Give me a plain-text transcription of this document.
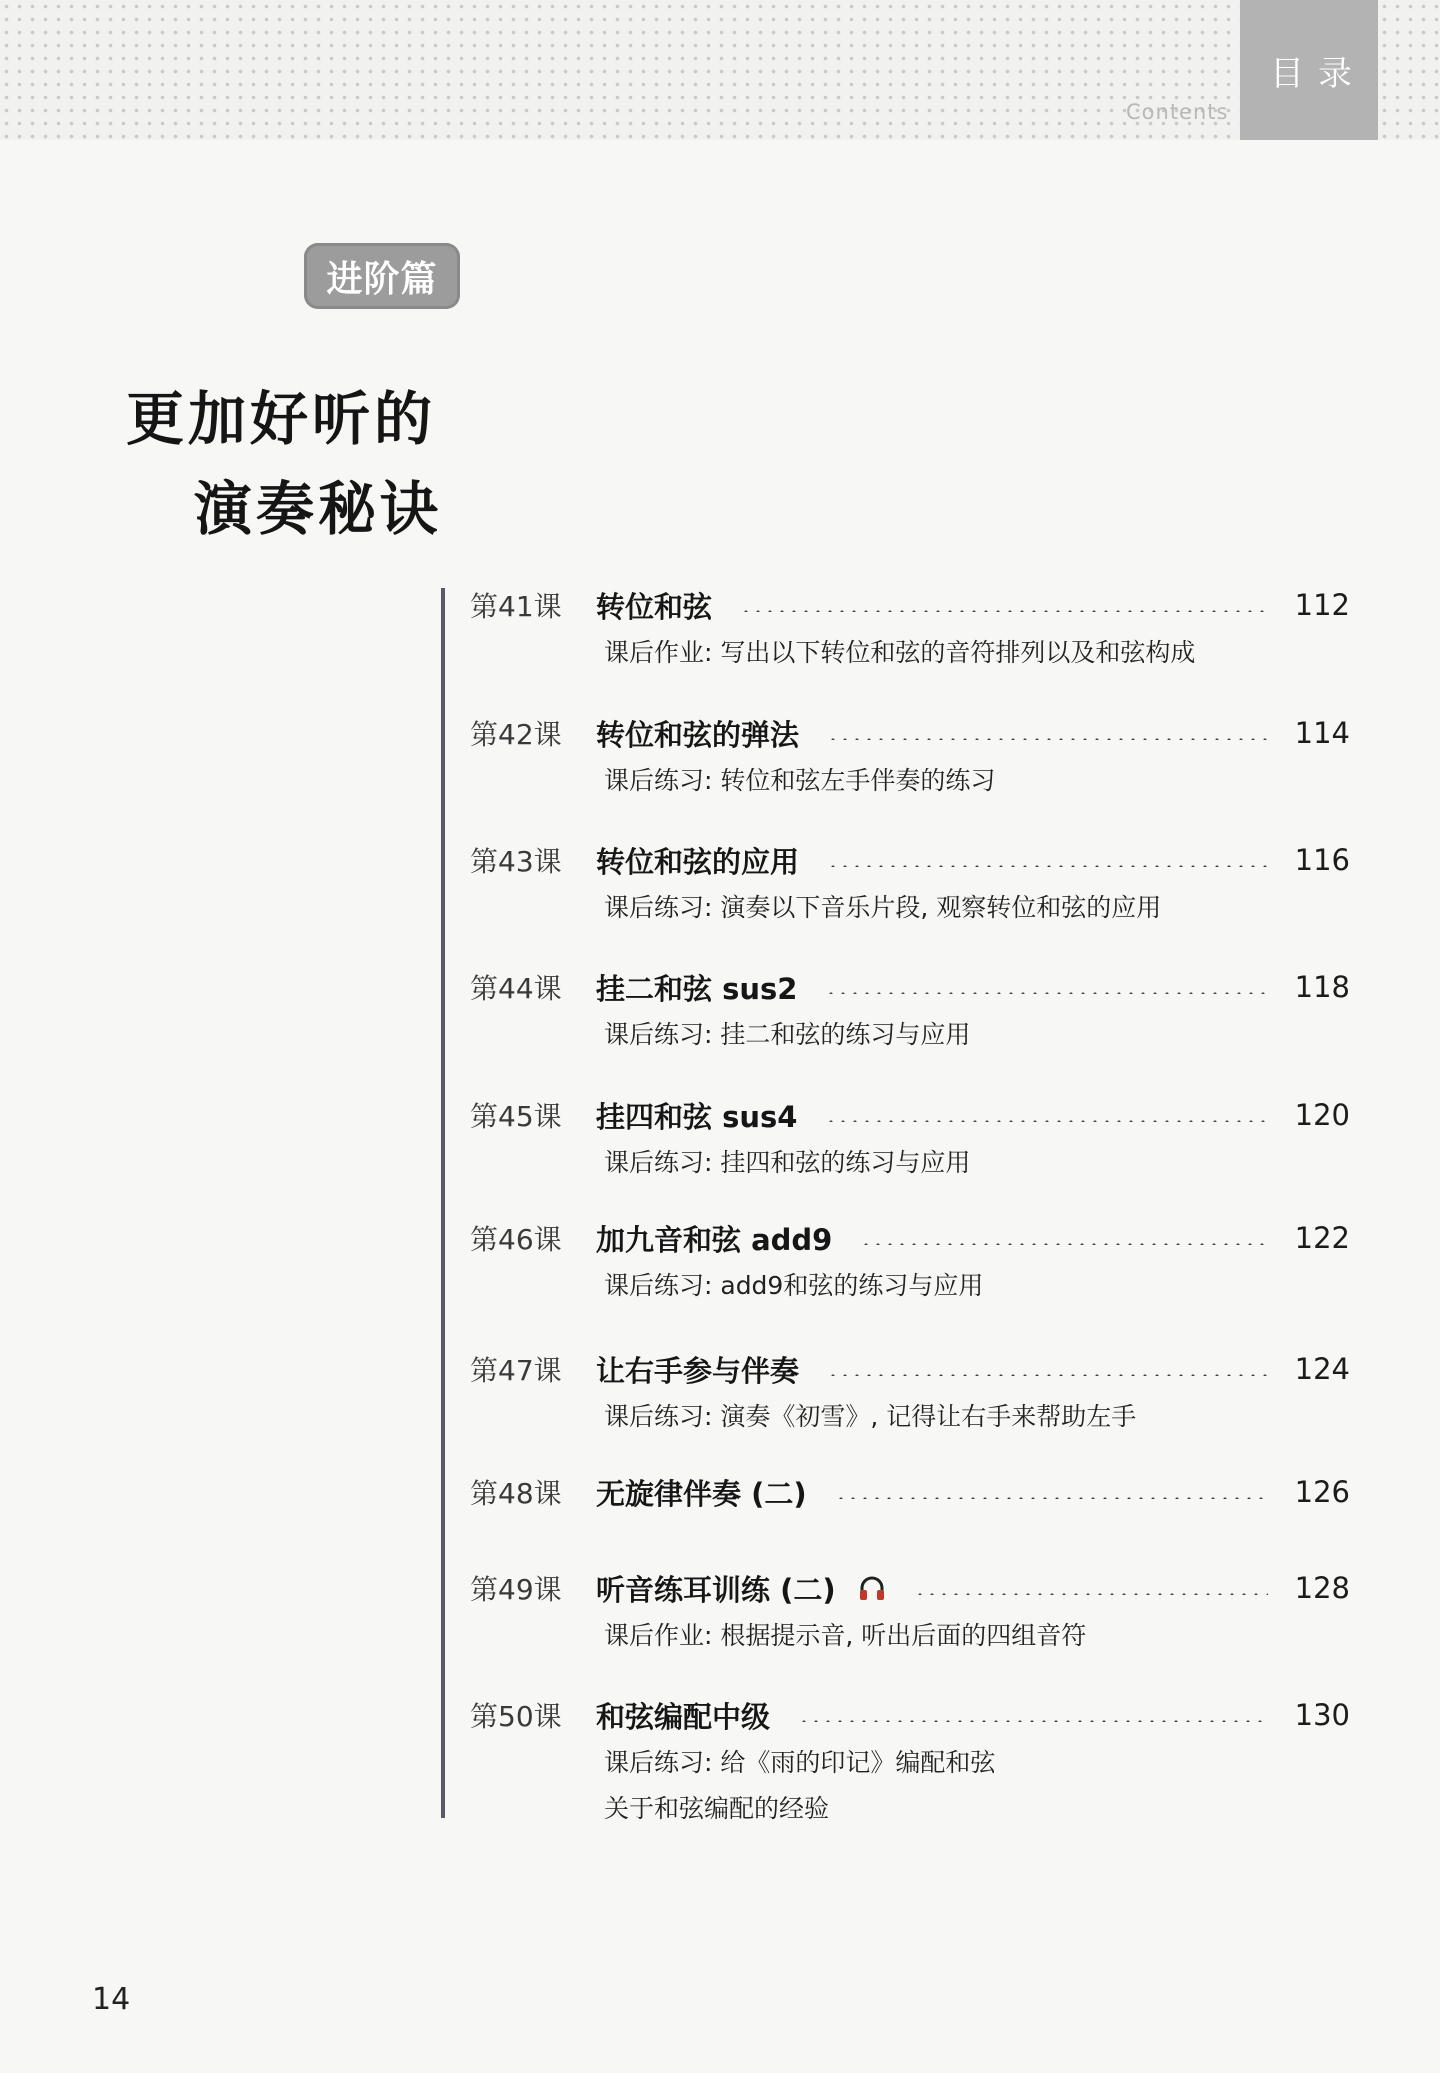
Contents
目录
进阶篇
更加好听的
演奏秘诀
第41课	转位和弦	112
课后作业: 写出以下转位和弦的音符排列以及和弦构成
第42课	转位和弦的弹法	114
课后练习: 转位和弦左手伴奏的练习
第43课	转位和弦的应用	116
课后练习: 演奏以下音乐片段, 观察转位和弦的应用
第44课	挂二和弦 sus2	118
课后练习: 挂二和弦的练习与应用
第45课	挂四和弦 sus4	120
课后练习: 挂四和弦的练习与应用
第46课	加九音和弦 add9	122
课后练习: add9和弦的练习与应用
第47课	让右手参与伴奏	124
课后练习: 演奏《初雪》, 记得让右手来帮助左手
第48课	无旋律伴奏 (二)	126
第49课	听音练耳训练 (二)	128
课后作业: 根据提示音, 听出后面的四组音符
第50课	和弦编配中级	130
课后练习: 给《雨的印记》编配和弦
关于和弦编配的经验
14
